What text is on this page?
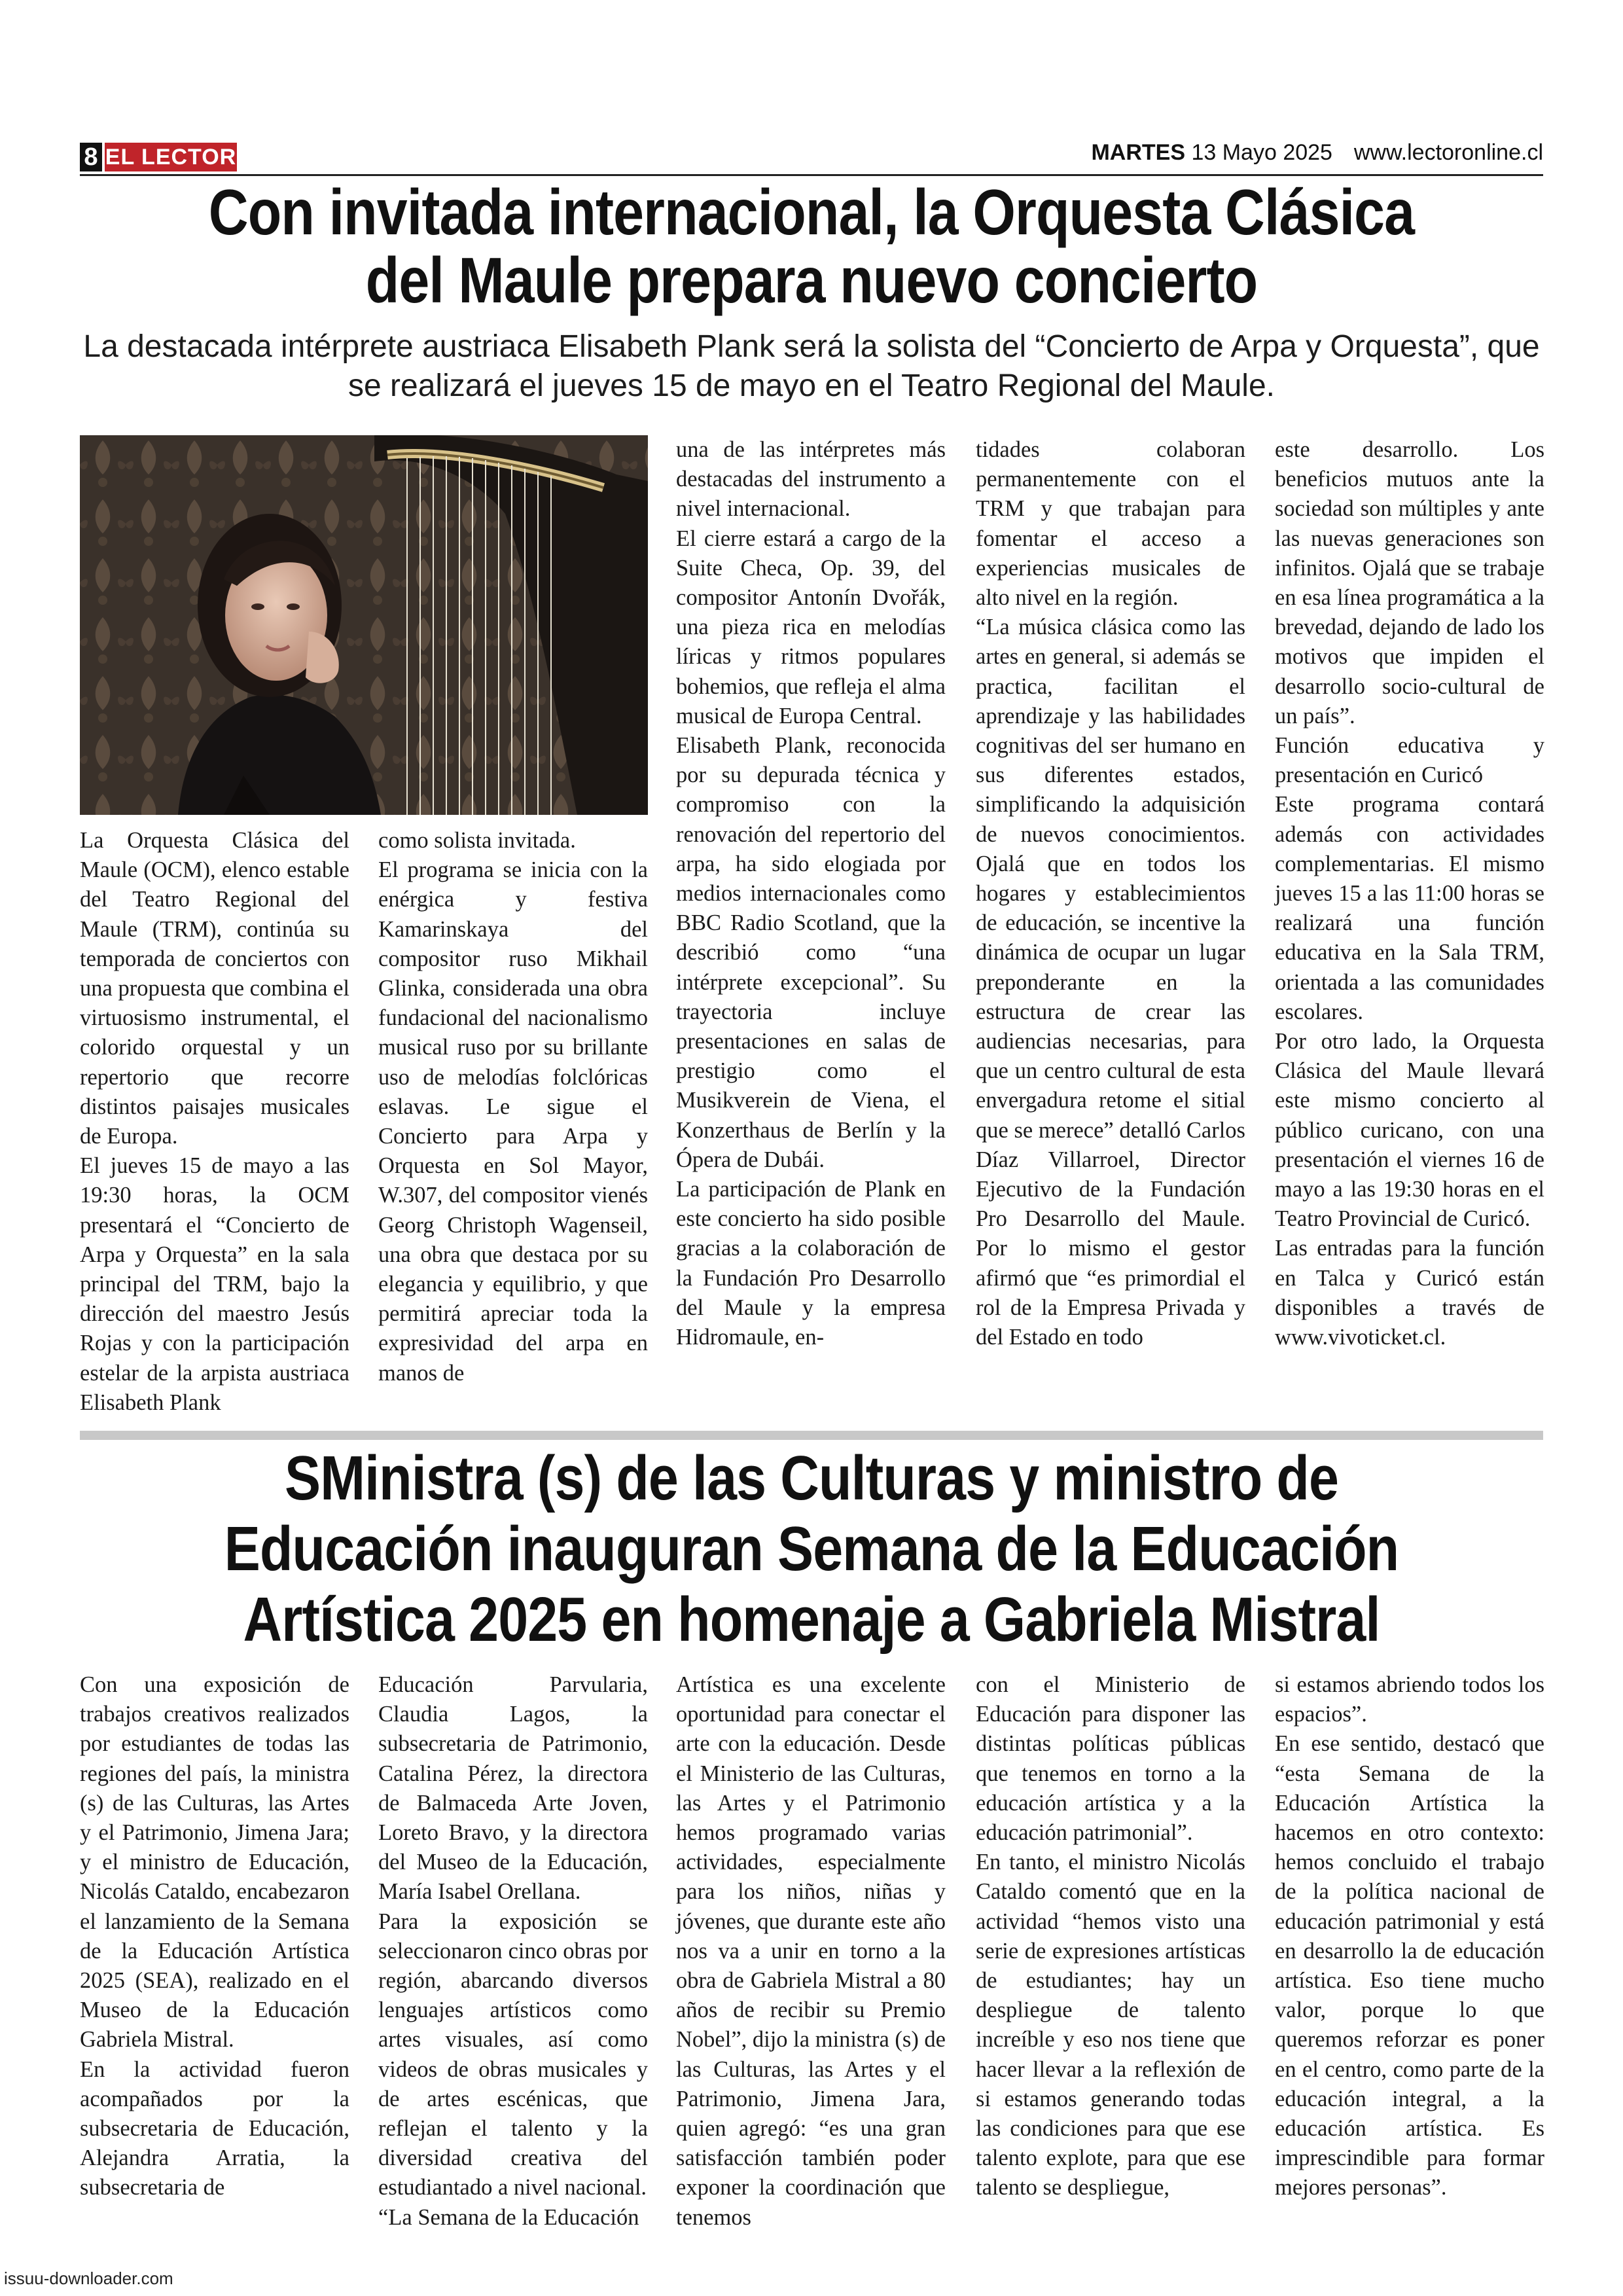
8 EL LECTOR	MARTES 13 Mayo 2025 www.lectoronline.cl
Con invitada internacional, la Orquesta Clásica del Maule prepara nuevo concierto
La destacada intérprete austriaca Elisabeth Plank será la solista del “Concierto de Arpa y Orquesta”, que se realizará el jueves 15 de mayo en el Teatro Regional del Maule.

La Orquesta Clásica del Maule (OCM), elenco estable del Teatro Regional del Maule (TRM), continúa su temporada de conciertos con una propuesta que combina el virtuosismo instrumental, el colorido orquestal y un repertorio que recorre distintos paisajes musicales de Europa.

El jueves 15 de mayo a las 19:30 horas, la OCM presentará el “Concierto de Arpa y Orquesta” en la sala principal del TRM, bajo la dirección del maestro Jesús Rojas y con la participación estelar de la arpista austriaca Elisabeth Plank

como solista invitada.

El programa se inicia con la enérgica y festiva Kamarinskaya del compositor ruso Mikhail Glinka, considerada una obra fundacional del nacionalismo musical ruso por su brillante uso de melodías folclóricas eslavas. Le sigue el Concierto para Arpa y Orquesta en Sol Mayor, W.307, del compositor vienés Georg Christoph Wagenseil, una obra que destaca por su elegancia y equilibrio, y que permitirá apreciar toda la expresividad del arpa en manos de

una de las intérpretes más destacadas del instrumento a nivel internacional.

El cierre estará a cargo de la Suite Checa, Op. 39, del compositor Antonín Dvořák, una pieza rica en melodías líricas y ritmos populares bohemios, que refleja el alma musical de Europa Central.

Elisabeth Plank, reconocida por su depurada técnica y compromiso con la renovación del repertorio del arpa, ha sido elogiada por medios internacionales como BBC Radio Scotland, que la describió como “una intérprete excepcional”. Su trayectoria incluye presentaciones en salas de prestigio como el Musikverein de Viena, el Konzerthaus de Berlín y la Ópera de Dubái.

La participación de Plank en este concierto ha sido posible gracias a la colaboración de la Fundación Pro Desarrollo del Maule y la empresa Hidromaule, en-

tidades colaboran permanentemente con el TRM y que trabajan para fomentar el acceso a experiencias musicales de alto nivel en la región.

“La música clásica como las artes en general, si además se practica, facilitan el aprendizaje y las habilidades cognitivas del ser humano en sus diferentes estados, simplificando la adquisición de nuevos conocimientos. Ojalá que en todos los hogares y establecimientos de educación, se incentive la dinámica de ocupar un lugar preponderante en la estructura de crear las audiencias necesarias, para que un centro cultural de esta envergadura retome el sitial que se merece” detalló Carlos Díaz Villarroel, Director Ejecutivo de la Fundación Pro Desarrollo del Maule. Por lo mismo el gestor afirmó que “es primordial el rol de la Empresa Privada y del Estado en todo

este desarrollo. Los beneficios mutuos ante la sociedad son múltiples y ante las nuevas generaciones son infinitos. Ojalá que se trabaje en esa línea programática a la brevedad, dejando de lado los motivos que impiden el desarrollo socio-cultural de un país”.

Función educativa y presentación en Curicó

Este programa contará además con actividades complementarias. El mismo jueves 15 a las 11:00 horas se realizará una función educativa en la Sala TRM, orientada a las comunidades escolares.

Por otro lado, la Orquesta Clásica del Maule llevará este mismo concierto al público curicano, con una presentación el viernes 16 de mayo a las 19:30 horas en el Teatro Provincial de Curicó.

Las entradas para la función en Talca y Curicó están disponibles a través de www.vivoticket.cl.

SMinistra (s) de las Culturas y ministro de Educación inauguran Semana de la Educación Artística 2025 en homenaje a Gabriela Mistral

Con una exposición de trabajos creativos realizados por estudiantes de todas las regiones del país, la ministra (s) de las Culturas, las Artes y el Patrimonio, Jimena Jara; y el ministro de Educación, Nicolás Cataldo, encabezaron el lanzamiento de la Semana de la Educación Artística 2025 (SEA), realizado en el Museo de la Educación Gabriela Mistral.

En la actividad fueron acompañados por la subsecretaria de Educación, Alejandra Arratia, la subsecretaria de

Educación Parvularia, Claudia Lagos, la subsecretaria de Patrimonio, Catalina Pérez, la directora de Balmaceda Arte Joven, Loreto Bravo, y la directora del Museo de la Educación, María Isabel Orellana.

Para la exposición se seleccionaron cinco obras por región, abarcando diversos lenguajes artísticos como artes visuales, así como videos de obras musicales y de artes escénicas, que reflejan el talento y la diversidad creativa del estudiantado a nivel nacional.

“La Semana de la Educación

Artística es una excelente oportunidad para conectar el arte con la educación. Desde el Ministerio de las Culturas, las Artes y el Patrimonio hemos programado varias actividades, especialmente para los niños, niñas y jóvenes, que durante este año nos va a unir en torno a la obra de Gabriela Mistral a 80 años de recibir su Premio Nobel”, dijo la ministra (s) de las Culturas, las Artes y el Patrimonio, Jimena Jara, quien agregó: “es una gran satisfacción también poder exponer la coordinación que tenemos

con el Ministerio de Educación para disponer las distintas políticas públicas que tenemos en torno a la educación artística y a la educación patrimonial”.

En tanto, el ministro Nicolás Cataldo comentó que en la actividad “hemos visto una serie de expresiones artísticas de estudiantes; hay un despliegue de talento increíble y eso nos tiene que hacer llevar a la reflexión de si estamos generando todas las condiciones para que ese talento explote, para que ese talento se despliegue,

si estamos abriendo todos los espacios”.

En ese sentido, destacó que “esta Semana de la Educación Artística la hacemos en otro contexto: hemos concluido el trabajo de la política nacional de educación patrimonial y está en desarrollo la de educación artística. Eso tiene mucho valor, porque lo que queremos reforzar es poner en el centro, como parte de la educación integral, a la educación artística. Es imprescindible para formar mejores personas”.

issuu-downloader.com
